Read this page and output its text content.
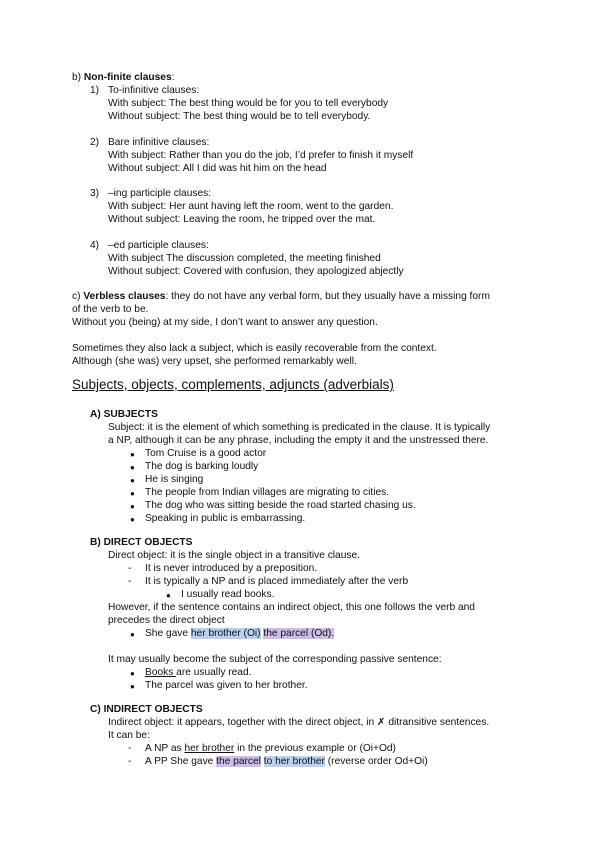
b) Non-finite clauses:
1) To-infinitive clauses:
With subject: The best thing would be for you to tell everybody
Without subject: The best thing would be to tell everybody.
2) Bare infinitive clauses:
With subject: Rather than you do the job, I’d prefer to finish it myself
Without subject: All I did was hit him on the head
3) –ing participle clauses:
With subject: Her aunt having left the room, went to the garden.
Without subject: Leaving the room, he tripped over the mat.
4) –ed participle clauses:
With subject The discussion completed, the meeting finished
Without subject: Covered with confusion, they apologized abjectly
c) Verbless clauses: they do not have any verbal form, but they usually have a missing form
of the verb to be.
Without you (being) at my side, I don’t want to answer any question.
Sometimes they also lack a subject, which is easily recoverable from the context.
Although (she was) very upset, she performed remarkably well.
Subjects, objects, complements, adjuncts (adverbials)
A) SUBJECTS
Subject: it is the element of which something is predicated in the clause. It is typically
a NP, although it can be any phrase, including the empty it and the unstressed there.
● Tom Cruise is a good actor
● The dog is barking loudly
● He is singing
● The people from Indian villages are migrating to cities.
● The dog who was sitting beside the road started chasing us.
● Speaking in public is embarrassing.
B) DIRECT OBJECTS
Direct object: it is the single object in a transitive clause.
- It is never introduced by a preposition.
- It is typically a NP and is placed immediately after the verb
● I usually read books.
However, if the sentence contains an indirect object, this one follows the verb and
precedes the direct object
● She gave her brother (Oi) the parcel (Od).
It may usually become the subject of the corresponding passive sentence:
● Books are usually read.
● The parcel was given to her brother.
C) INDIRECT OBJECTS
Indirect object: it appears, together with the direct object, in ✗ ditransitive sentences.
It can be:
- A NP as her brother in the previous example or (Oi+Od)
- A PP She gave the parcel to her brother (reverse order Od+Oi)
